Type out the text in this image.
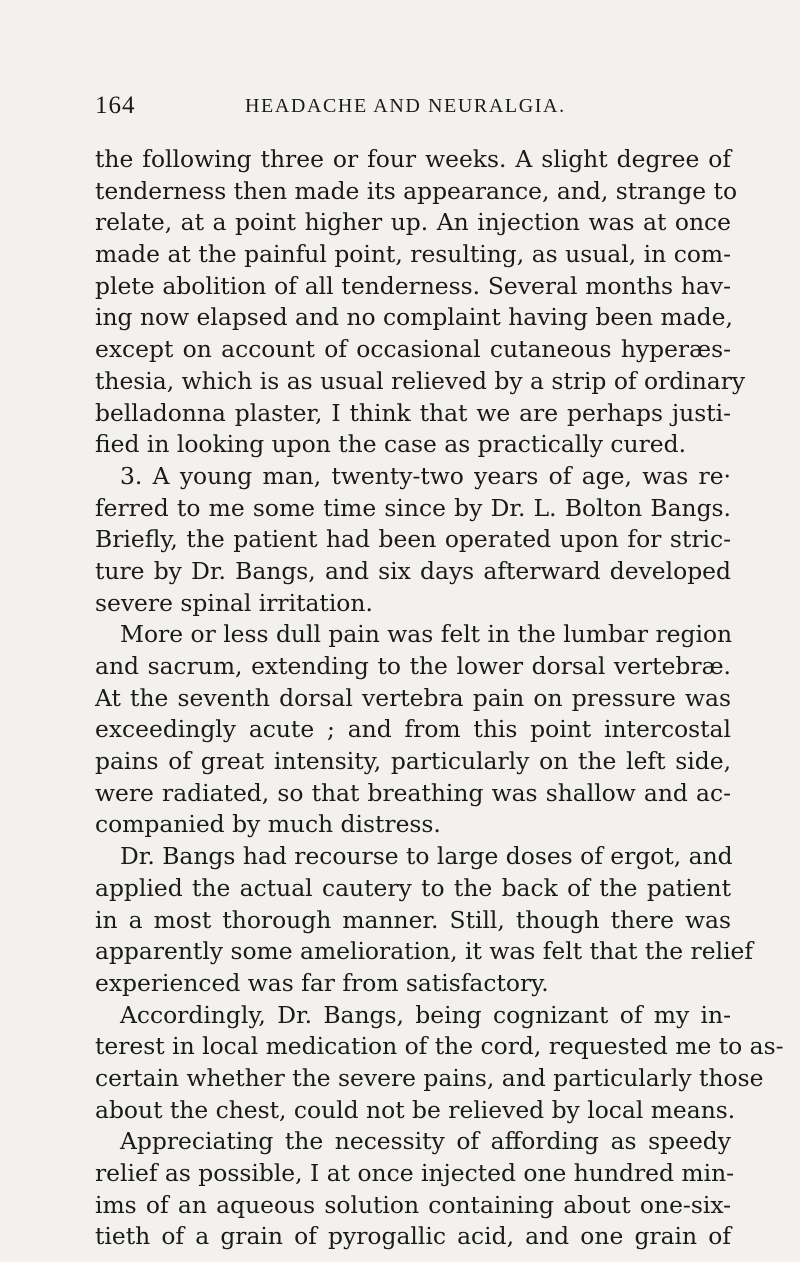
164	HEADACHE AND NEURALGIA.
the following three or four weeks. A slight degree of
tenderness then made its appearance, and, strange to
relate, at a point higher up. An injection was at once
made at the painful point, resulting, as usual, in com-
plete abolition of all tenderness. Several months hav-
ing now elapsed and no complaint having been made,
except on account of occasional cutaneous hyperæs-
thesia, which is as usual relieved by a strip of ordinary
belladonna plaster, I think that we are perhaps justi-
fied in looking upon the case as practically cured.
3. A young man, twenty-two years of age, was re·
ferred to me some time since by Dr. L. Bolton Bangs.
Briefly, the patient had been operated upon for stric-
ture by Dr. Bangs, and six days afterward developed
severe spinal irritation.
More or less dull pain was felt in the lumbar region
and sacrum, extending to the lower dorsal vertebræ.
At the seventh dorsal vertebra pain on pressure was
exceedingly acute ; and from this point intercostal
pains of great intensity, particularly on the left side,
were radiated, so that breathing was shallow and ac-
companied by much distress.
Dr. Bangs had recourse to large doses of ergot, and
applied the actual cautery to the back of the patient
in a most thorough manner. Still, though there was
apparently some amelioration, it was felt that the relief
experienced was far from satisfactory.
Accordingly, Dr. Bangs, being cognizant of my in-
terest in local medication of the cord, requested me to as-
certain whether the severe pains, and particularly those
about the chest, could not be relieved by local means.
Appreciating the necessity of affording as speedy
relief as possible, I at once injected one hundred min-
ims of an aqueous solution containing about one-six-
tieth of a grain of pyrogallic acid, and one grain of
